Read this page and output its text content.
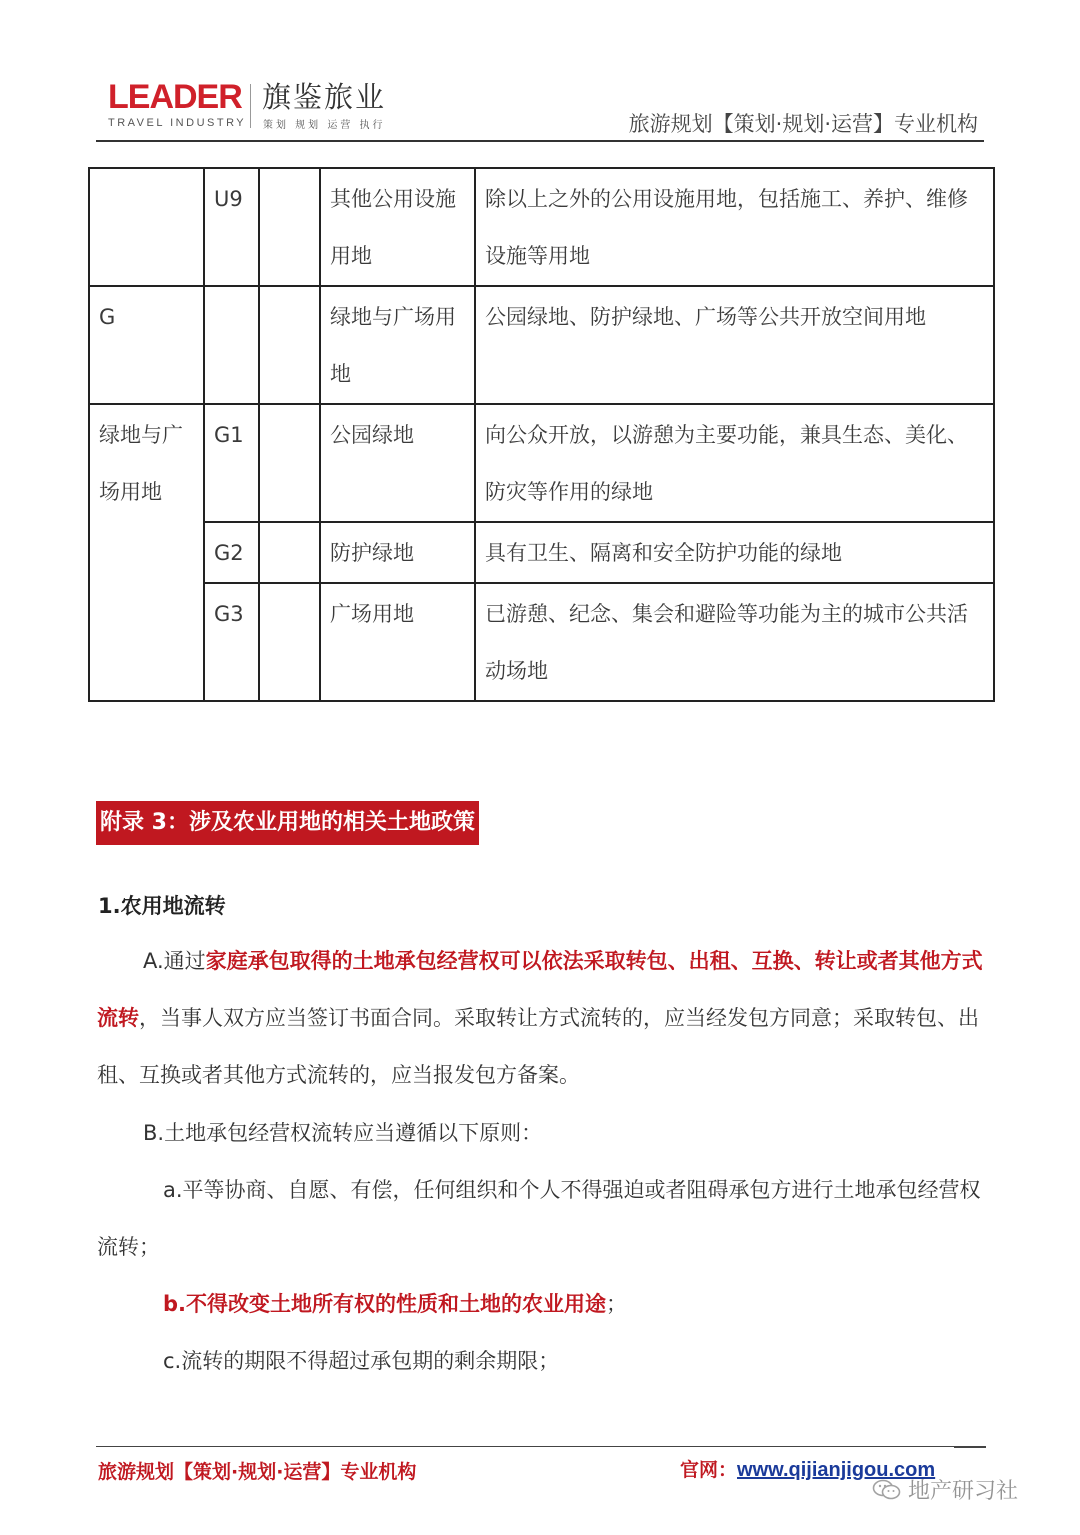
LEADER
TRAVEL INDUSTRY
旗鉴旅业
策划 规划 运营 执行	旅游规划【策划·规划·运营】专业机构
	U9		其他公用设施用地	除以上之外的公用设施用地，包括施工、养护、维修设施等用地
G			绿地与广场用地	公园绿地、防护绿地、广场等公共开放空间用地
绿地与广场用地	G1		公园绿地	向公众开放，以游憩为主要功能，兼具生态、美化、防灾等作用的绿地
	G2		防护绿地	具有卫生、隔离和安全防护功能的绿地
	G3		广场用地	已游憩、纪念、集会和避险等功能为主的城市公共活动场地
附录 3：涉及农业用地的相关土地政策
1.农用地流转
A.通过家庭承包取得的土地承包经营权可以依法采取转包、出租、互换、转让或者其他方式流转，当事人双方应当签订书面合同。采取转让方式流转的，应当经发包方同意；采取转包、出租、互换或者其他方式流转的，应当报发包方备案。
B.土地承包经营权流转应当遵循以下原则：
a.平等协商、自愿、有偿，任何组织和个人不得强迫或者阻碍承包方进行土地承包经营权流转；
b.不得改变土地所有权的性质和土地的农业用途；
c.流转的期限不得超过承包期的剩余期限；
旅游规划【策划·规划·运营】专业机构	官网：www.qijianjigou.com
地产研习社
